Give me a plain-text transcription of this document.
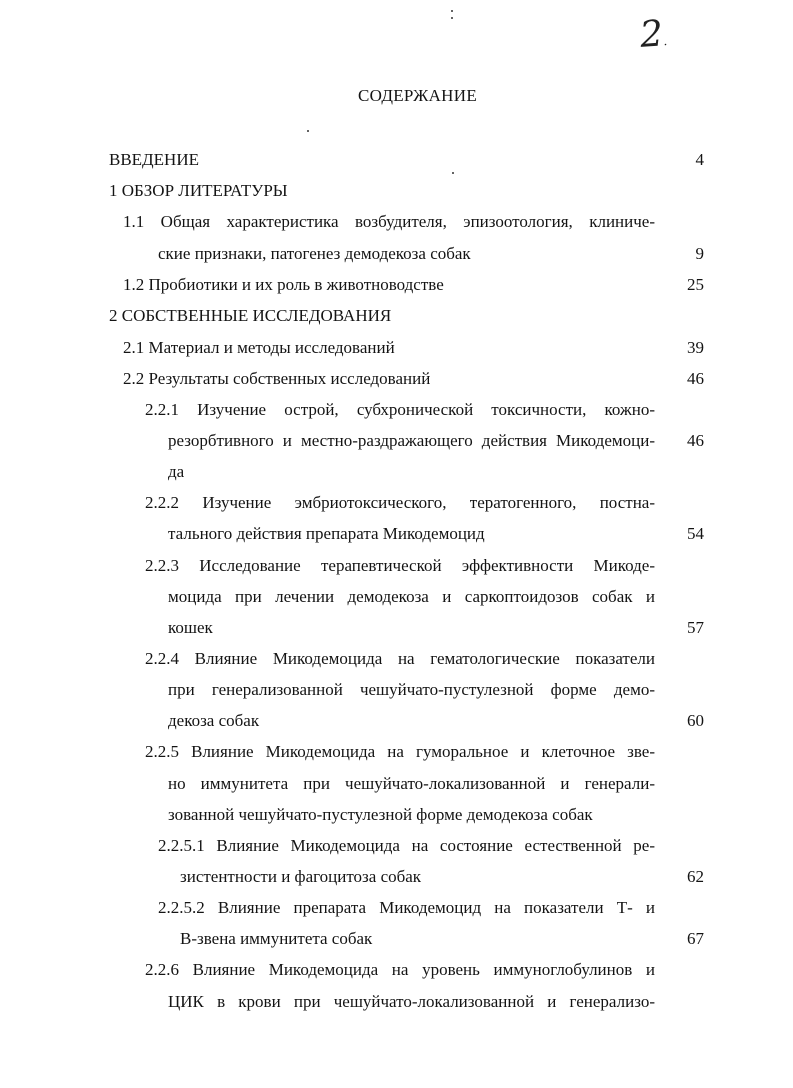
2.
СОДЕРЖАНИЕ
ВВЕДЕНИЕ	4
1 ОБЗОР ЛИТЕРАТУРЫ
1.1 Общая характеристика возбудителя, эпизоотология, клиниче-
ские признаки, патогенез демодекоза собак	9
1.2 Пробиотики и их роль в животноводстве	25
2 СОБСТВЕННЫЕ ИССЛЕДОВАНИЯ
2.1 Материал и методы исследований	39
2.2 Результаты собственных исследований	46
2.2.1 Изучение острой, субхронической токсичности, кожно-
резорбтивного и местно-раздражающего действия Микодемоци-	46
да
2.2.2 Изучение эмбриотоксического, тератогенного, постна-
тального действия препарата Микодемоцид	54
2.2.3 Исследование терапевтической эффективности Микоде-
моцида при лечении демодекоза и саркоптоидозов собак и
кошек	57
2.2.4 Влияние Микодемоцида на гематологические показатели
при генерализованной чешуйчато-пустулезной форме демо-
декоза собак	60
2.2.5 Влияние Микодемоцида на гуморальное и клеточное зве-
но иммунитета при чешуйчато-локализованной и генерали-
зованной чешуйчато-пустулезной форме демодекоза собак
2.2.5.1 Влияние Микодемоцида на состояние естественной ре-
зистентности и фагоцитоза собак	62
2.2.5.2 Влияние препарата Микодемоцид на показатели Т- и
В-звена иммунитета собак	67
2.2.6 Влияние Микодемоцида на уровень иммуноглобулинов и
ЦИК в крови при чешуйчато-локализованной и генерализо-
